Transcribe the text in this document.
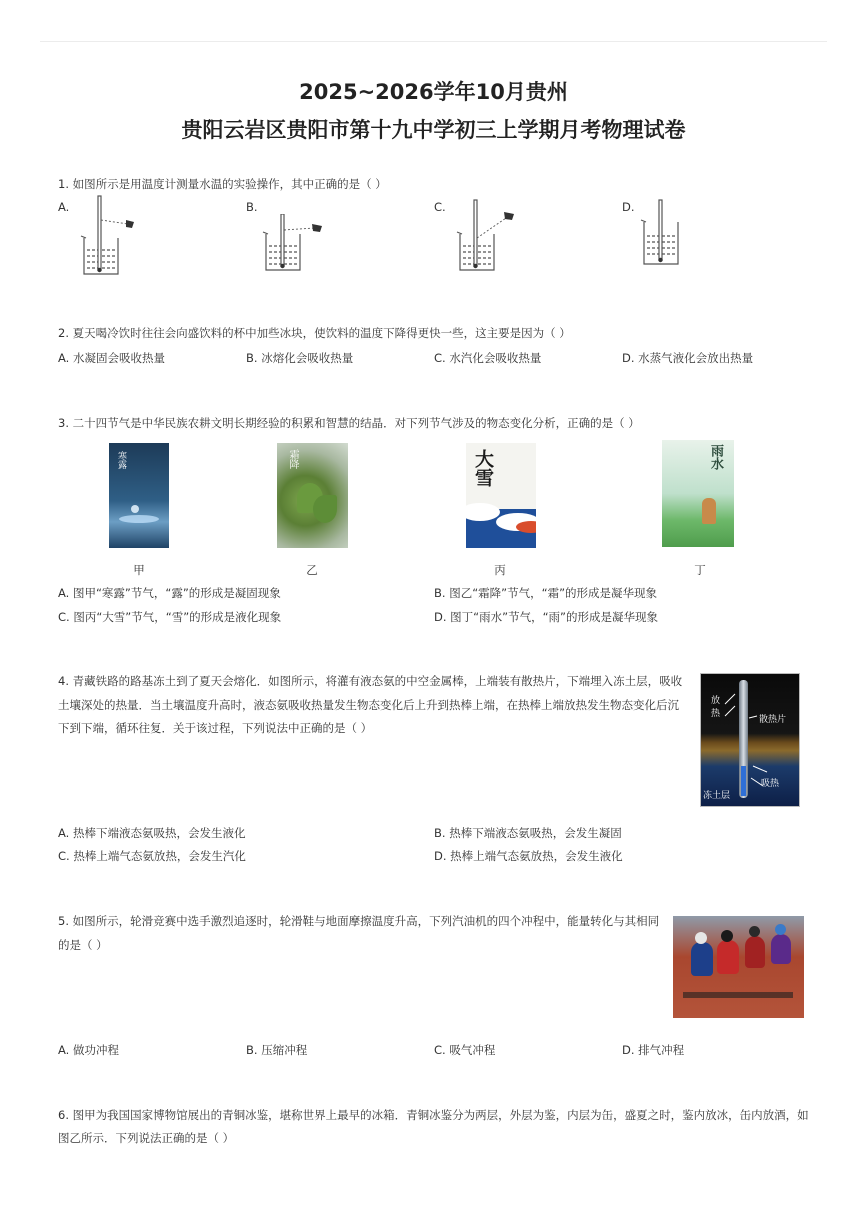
2025~2026学年10月贵州
贵阳云岩区贵阳市第十九中学初三上学期月考物理试卷
1. 如图所示是用温度计测量水温的实验操作，其中正确的是（ ）
A.	B.	C.	D.
2. 夏天喝冷饮时往往会向盛饮料的杯中加些冰块，使饮料的温度下降得更快一些，这主要是因为（ ）
A. 水凝固会吸收热量	B. 冰熔化会吸收热量	C. 水汽化会吸收热量	D. 水蒸气液化会放出热量
3. 二十四节气是中华民族农耕文明长期经验的积累和智慧的结晶．对下列节气涉及的物态变化分析，正确的是（ ）
寒露	霜降	大雪	雨水
甲	乙	丙	丁
A. 图甲“寒露”节气，“露”的形成是凝固现象	B. 图乙“霜降”节气，“霜”的形成是凝华现象
C. 图丙“大雪”节气，“雪”的形成是液化现象	D. 图丁“雨水”节气，“雨”的形成是凝华现象
4. 青藏铁路的路基冻土到了夏天会熔化．如图所示，将灌有液态氨的中空金属棒，上端装有散热片，下端埋入冻土层，吸收
土壤深处的热量．当土壤温度升高时，液态氨吸收热量发生物态变化后上升到热棒上端，在热棒上端放热发生物态变化后沉
下到下端，循环往复．关于该过程，下列说法中正确的是（ ）
放
热
散热片
吸热
冻土层
A. 热棒下端液态氨吸热，会发生液化	B. 热棒下端液态氨吸热，会发生凝固
C. 热棒上端气态氨放热，会发生汽化	D. 热棒上端气态氨放热，会发生液化
5. 如图所示，轮滑竞赛中选手激烈追逐时，轮滑鞋与地面摩擦温度升高，下列汽油机的四个冲程中，能量转化与其相同
的是（ ）
A. 做功冲程	B. 压缩冲程	C. 吸气冲程	D. 排气冲程
6. 图甲为我国国家博物馆展出的青铜冰鉴，堪称世界上最早的冰箱．青铜冰鉴分为两层，外层为鉴，内层为缶，盛夏之时，鉴内放冰，缶内放酒，如
图乙所示．下列说法正确的是（ ）
